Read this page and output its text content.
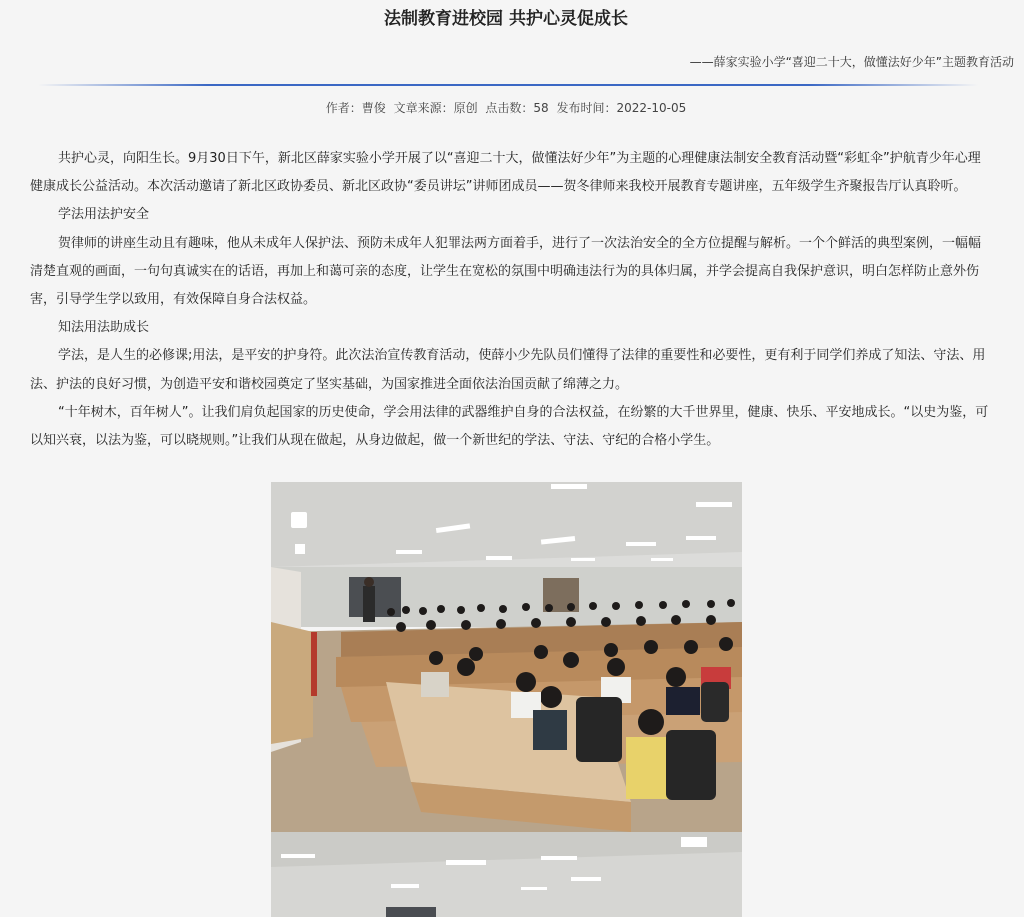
法制教育进校园 共护心灵促成长
——薛家实验小学“喜迎二十大，做懂法好少年”主题教育活动
作者：曹俊 文章来源：原创 点击数：58 发布时间：2022-10-05

共护心灵，向阳生长。9月30日下午，新北区薛家实验小学开展了以“喜迎二十大，做懂法好少年”为主题的心理健康法制安全教育活动暨“彩虹伞”护航青少年心理健康成长公益活动。本次活动邀请了新北区政协委员、新北区政协“委员讲坛”讲师团成员——贺冬律师来我校开展教育专题讲座，五年级学生齐聚报告厅认真聆听。

学法用法护安全

贺律师的讲座生动且有趣味，他从未成年人保护法、预防未成年人犯罪法两方面着手，进行了一次法治安全的全方位提醒与解析。一个个鲜活的典型案例，一幅幅清楚直观的画面，一句句真诚实在的话语，再加上和蔼可亲的态度，让学生在宽松的氛围中明确违法行为的具体归属，并学会提高自我保护意识，明白怎样防止意外伤害，引导学生学以致用，有效保障自身合法权益。

知法用法助成长

学法，是人生的必修课;用法，是平安的护身符。此次法治宣传教育活动，使薛小少先队员们懂得了法律的重要性和必要性，更有利于同学们养成了知法、守法、用法、护法的良好习惯，为创造平安和谐校园奠定了坚实基础，为国家推进全面依法治国贡献了绵薄之力。

“十年树木，百年树人”。让我们肩负起国家的历史使命，学会用法律的武器维护自身的合法权益，在纷繁的大千世界里，健康、快乐、平安地成长。“以史为鉴，可以知兴衰，以法为鉴，可以晓规则。”让我们从现在做起，从身边做起，做一个新世纪的学法、守法、守纪的合格小学生。
